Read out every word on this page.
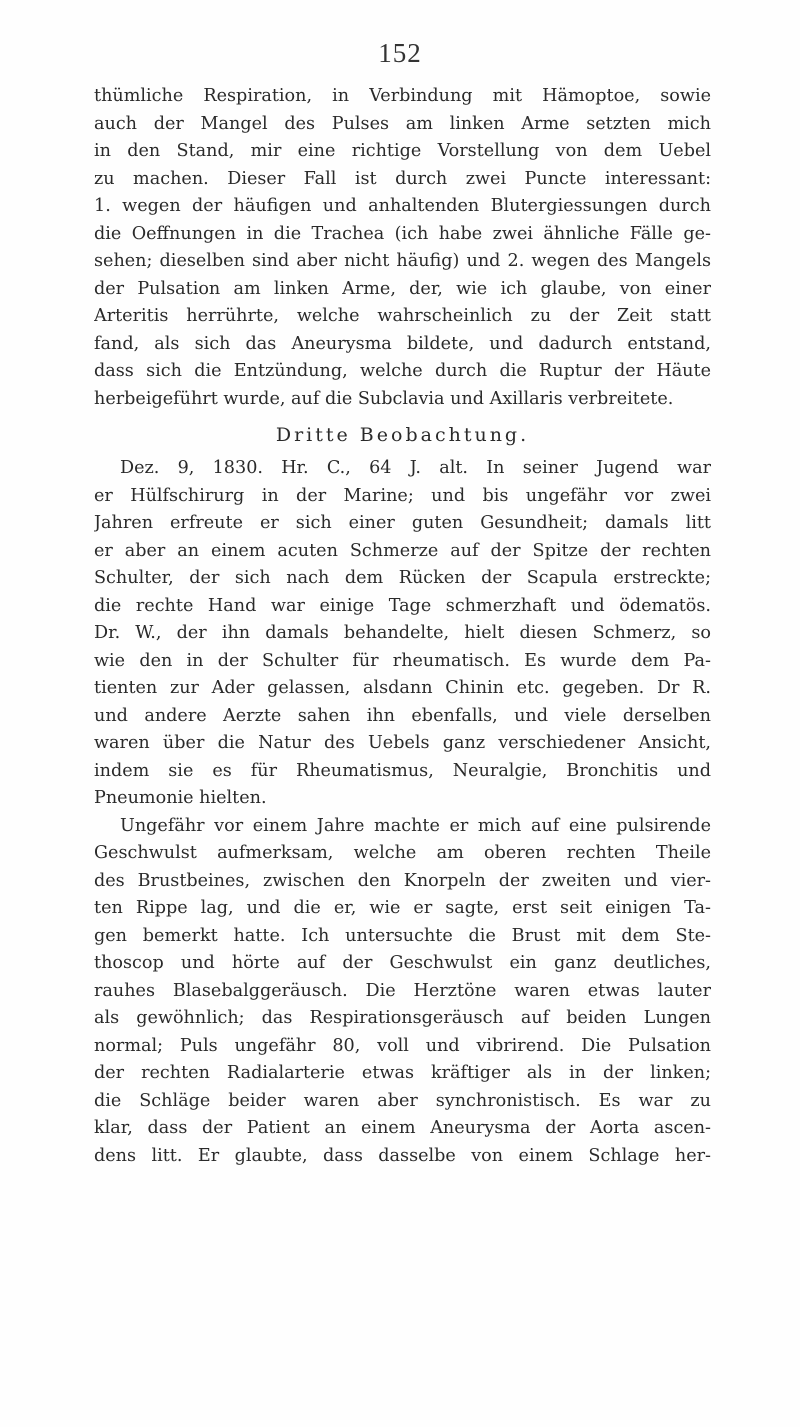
152
thümliche Respiration, in Verbindung mit Hämoptoe, sowie
auch der Mangel des Pulses am linken Arme setzten mich
in den Stand, mir eine richtige Vorstellung von dem Uebel
zu machen. Dieser Fall ist durch zwei Puncte interessant:
1. wegen der häufigen und anhaltenden Blutergiessungen durch
die Oeffnungen in die Trachea (ich habe zwei ähnliche Fälle ge-
sehen; dieselben sind aber nicht häufig) und 2. wegen des Mangels
der Pulsation am linken Arme, der, wie ich glaube, von einer
Arteritis herrührte, welche wahrscheinlich zu der Zeit statt
fand, als sich das Aneurysma bildete, und dadurch entstand,
dass sich die Entzündung, welche durch die Ruptur der Häute
herbeigeführt wurde, auf die Subclavia und Axillaris verbreitete.
Dritte Beobachtung.
Dez. 9, 1830. Hr. C., 64 J. alt. In seiner Jugend war
er Hülfschirurg in der Marine; und bis ungefähr vor zwei
Jahren erfreute er sich einer guten Gesundheit; damals litt
er aber an einem acuten Schmerze auf der Spitze der rechten
Schulter, der sich nach dem Rücken der Scapula erstreckte;
die rechte Hand war einige Tage schmerzhaft und ödematös.
Dr. W., der ihn damals behandelte, hielt diesen Schmerz, so
wie den in der Schulter für rheumatisch. Es wurde dem Pa-
tienten zur Ader gelassen, alsdann Chinin etc. gegeben. Dr R.
und andere Aerzte sahen ihn ebenfalls, und viele derselben
waren über die Natur des Uebels ganz verschiedener Ansicht,
indem sie es für Rheumatismus, Neuralgie, Bronchitis und
Pneumonie hielten.
Ungefähr vor einem Jahre machte er mich auf eine pulsirende
Geschwulst aufmerksam, welche am oberen rechten Theile
des Brustbeines, zwischen den Knorpeln der zweiten und vier-
ten Rippe lag, und die er, wie er sagte, erst seit einigen Ta-
gen bemerkt hatte. Ich untersuchte die Brust mit dem Ste-
thoscop und hörte auf der Geschwulst ein ganz deutliches,
rauhes Blasebalggeräusch. Die Herztöne waren etwas lauter
als gewöhnlich; das Respirationsgeräusch auf beiden Lungen
normal; Puls ungefähr 80, voll und vibrirend. Die Pulsation
der rechten Radialarterie etwas kräftiger als in der linken;
die Schläge beider waren aber synchronistisch. Es war zu
klar, dass der Patient an einem Aneurysma der Aorta ascen-
dens litt. Er glaubte, dass dasselbe von einem Schlage her-
